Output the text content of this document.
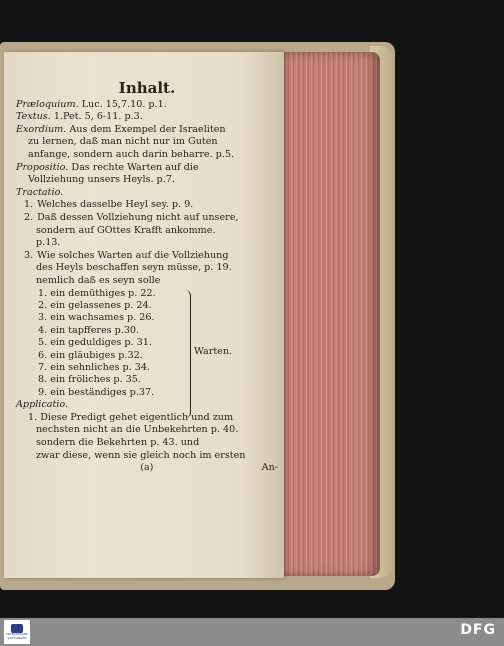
Inhalt.

Præloquium. Luc. 15,7.10. p.1.

Textus. 1.Pet. 5, 6-11. p.3.

Exordium. Aus dem Exempel der Israeliten

zu lernen, daß man nicht nur im Guten

anfange, sondern auch darin beharre. p.5.

Propositio. Das rechte Warten auf die

Vollziehung unsers Heyls. p.7.

Tractatio.

1. Welches dasselbe Heyl sey. p. 9.

2. Daß dessen Vollziehung nicht auf unsere,

sondern auf GOttes Krafft ankomme.

p.13.

3. Wie solches Warten auf die Vollziehung

des Heyls beschaffen seyn müsse, p. 19.

nemlich daß es seyn solle

1. ein demüthiges p. 22.
2. ein gelassenes p. 24.
3. ein wachsames p. 26.
4. ein tapfferes p.30.
5. ein geduldiges p. 31.
6. ein gläubiges p.32.
7. ein sehnliches p. 34.
8. ein fröliches p. 35.
9. ein beständiges p.37.
Warten.

Applicatio.

1. Diese Predigt gehet eigentlich und zum

nechsten nicht an die Unbekehrten p. 40.

sondern die Bekehrten p. 43. und

zwar diese, wenn sie gleich noch im ersten

(a)	An-
FRANCKESCHE STIFTUNGEN	DFG
